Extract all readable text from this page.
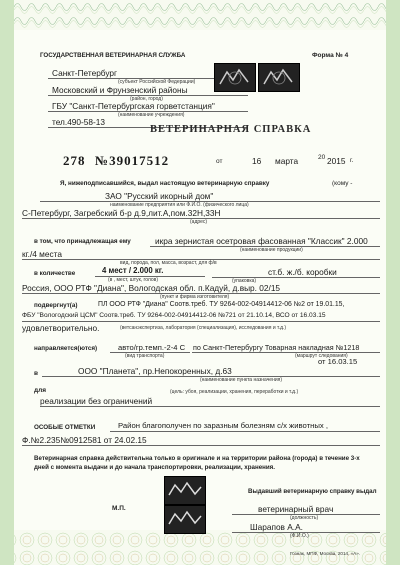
ГОСУДАРСТВЕННАЯ ВЕТЕРИНАРНАЯ СЛУЖБА	Форма № 4
Санкт-Петербург
(субъект Российской Федерации)
Московский и Фрунзенский районы
(район, город)
ГБУ "Санкт-Петербургская горветстанция"
(наименование учреждения)
тел.490-58-13
ВЕТЕРИНАРНАЯ СПРАВКА
278 №39017512	от	16 марта	20 2015 г.
Я, нижеподписавшийся, выдал настоящую ветеринарную справку	(кому -
ЗАО "Русский икорный дом"
наименование предприятия или Ф.И.О. (физического лица)
С-Петербург, Загребский б-р д.9,лит.А,пом.32Н,33Н
(адрес)
в том, что принадлежащая ему	икра зернистая осетровая фасованная "Классик" 2.000
(наименование продукции)
кг./4 места
вид, порода, пол, масса, возраст, для ф/в
в количестве	4 мест / 2.000 кг.
(в , мест, штук, голов)
ст.б. ж./б. коробки
(упаковка)
Россия, ООО РТФ "Диана", Вологодская обл. п.Кадуй, д.выр. 02/15
(пункт и фирма изготовителя)
подвергнут(а)	ПЛ ООО РТФ "Диана" Соотв.треб. ТУ 9264-002-04914412-06 №2 от 19.01.15,
ФБУ "Вологодский ЦСМ" Соотв.треб. ТУ 9264-002-04914412-06 №721 от 21.10.14, ВСО от 16.03.15
удовлетворительно.	(ветсанэкспертиза, лаборатория (специализация), исследования и т.д.)
направляется(ются)	авто/гр.темп.-2-4 С
(вид транспорта)
по Санкт-Петербургу Товарная накладная №1218
(маршрут следования)
от 16.03.15
в	ООО "Планета", пр.Непокоренных, д.63
(наименование пункта назначения)
для	(цель: убоя, реализации, хранения, переработки и т.д.)
реализации без ограничений
ОСОБЫЕ ОТМЕТКИ	Район благополучен по заразным болезням с/х животных ,
Ф.№2.235№0912581 от 24.02.15
Ветеринарная справка действительна только в оригинале и на территории района (города) в течение 3-х дней с момента выдачи и до начала транспортировки, реализации, хранения.
Выдавший ветеринарную справку выдал
ветеринарный врач
(должность)
Шарапов А.А.
(Ф.И.О.)
М.П.
Гознак, МПФ, Москва, 2014, «А».
